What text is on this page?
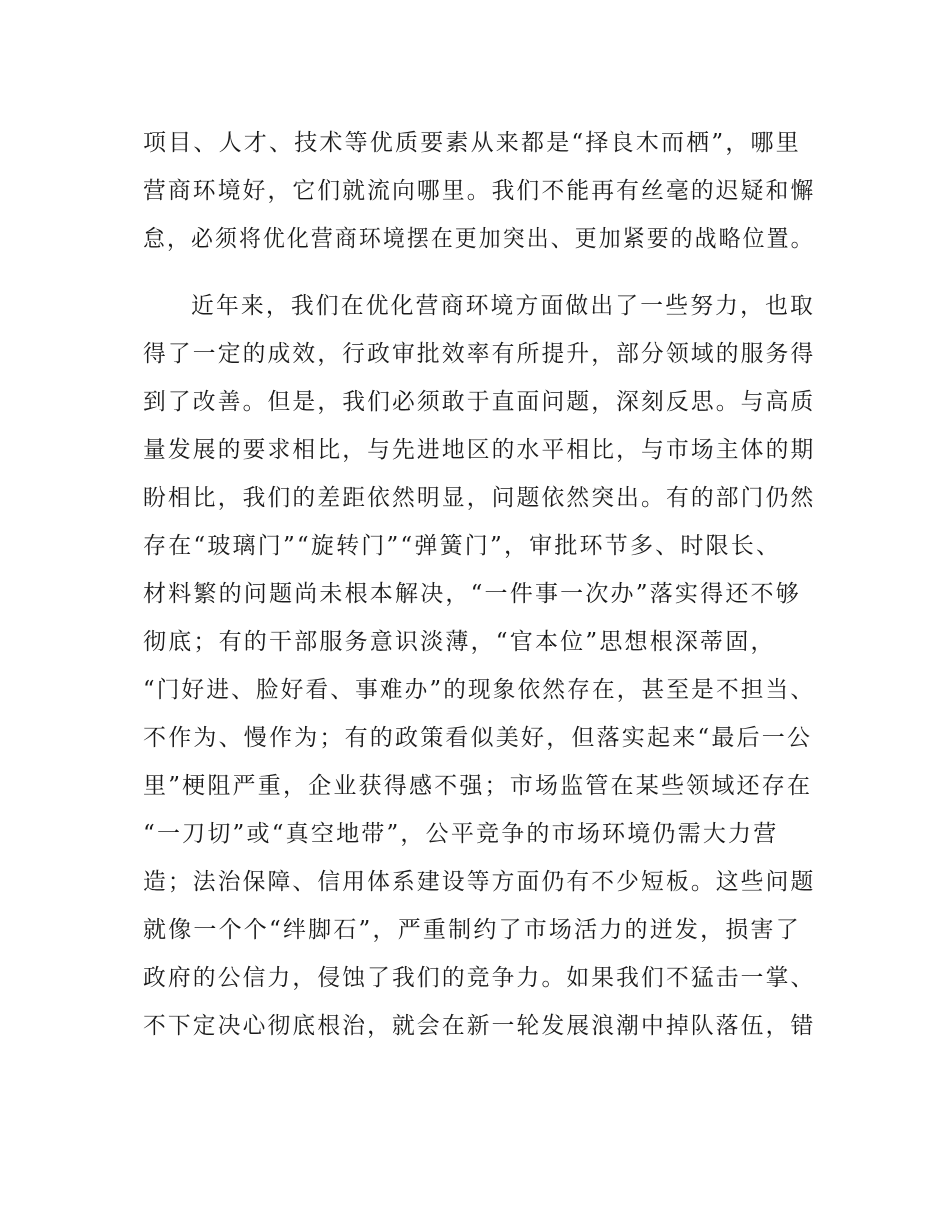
项目、人才、技术等优质要素从来都是“择良木而栖”，哪里
营商环境好，它们就流向哪里。我们不能再有丝毫的迟疑和懈
怠，必须将优化营商环境摆在更加突出、更加紧要的战略位置。
近年来，我们在优化营商环境方面做出了一些努力，也取
得了一定的成效，行政审批效率有所提升，部分领域的服务得
到了改善。但是，我们必须敢于直面问题，深刻反思。与高质
量发展的要求相比，与先进地区的水平相比，与市场主体的期
盼相比，我们的差距依然明显，问题依然突出。有的部门仍然
存在“玻璃门”“旋转门”“弹簧门”，审批环节多、时限长、
材料繁的问题尚未根本解决，“一件事一次办”落实得还不够
彻底；有的干部服务意识淡薄，“官本位”思想根深蒂固，
“门好进、脸好看、事难办”的现象依然存在，甚至是不担当、
不作为、慢作为；有的政策看似美好，但落实起来“最后一公
里”梗阻严重，企业获得感不强；市场监管在某些领域还存在
“一刀切”或“真空地带”，公平竞争的市场环境仍需大力营
造；法治保障、信用体系建设等方面仍有不少短板。这些问题
就像一个个“绊脚石”，严重制约了市场活力的迸发，损害了
政府的公信力，侵蚀了我们的竞争力。如果我们不猛击一掌、
不下定决心彻底根治，就会在新一轮发展浪潮中掉队落伍，错
